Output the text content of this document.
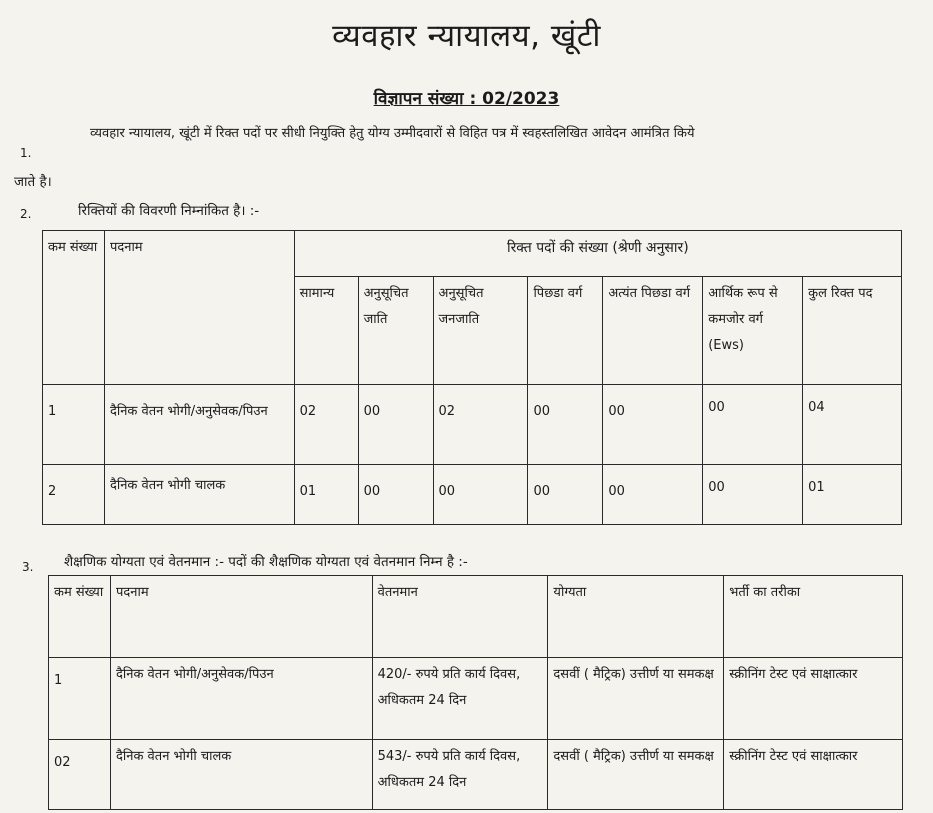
व्यवहार न्यायालय, खूंटी
विज्ञापन संख्या : 02/2023
1.
व्यवहार न्यायालय, खूंटी में रिक्त पदों पर सीधी नियुक्ति हेतु योग्य उम्मीदवारों से विहित पत्र में स्वहस्तलिखित आवेदन आमंत्रित किये
जाते है।
2.	रिक्तियों की विवरणी निम्नांकित है। :-
कम संख्या	पदनाम	रिक्त पदों की संख्या (श्रेणी अनुसार)						
		सामान्य	अनुसूचित जाति	अनुसूचित जनजाति	पिछडा वर्ग	अत्यंत पिछडा वर्ग	आर्थिक रूप से कमजोर वर्ग (Ews)	कुल रिक्त पद
1	दैनिक वेतन भोगी/अनुसेवक/पिउन	02	00	02	00	00	00	04
2	दैनिक वेतन भोगी चालक	01	00	00	00	00	00	01
3. शैक्षणिक योग्यता एवं वेतनमान :- पदों की शैक्षणिक योग्यता एवं वेतनमान निम्न है :-
कम संख्या	पदनाम	वेतनमान	योग्यता	भर्ती का तरीका
1	दैनिक वेतन भोगी/अनुसेवक/पिउन	420/- रुपये प्रति कार्य दिवस, अधिकतम 24 दिन	दसवीं ( मैट्रिक) उत्तीर्ण या समकक्ष	स्क्रीनिंग टेस्ट एवं साक्षात्कार
02	दैनिक वेतन भोगी चालक	543/- रुपये प्रति कार्य दिवस, अधिकतम 24 दिन	दसवीं ( मैट्रिक) उत्तीर्ण या समकक्ष	स्क्रीनिंग टेस्ट एवं साक्षात्कार
